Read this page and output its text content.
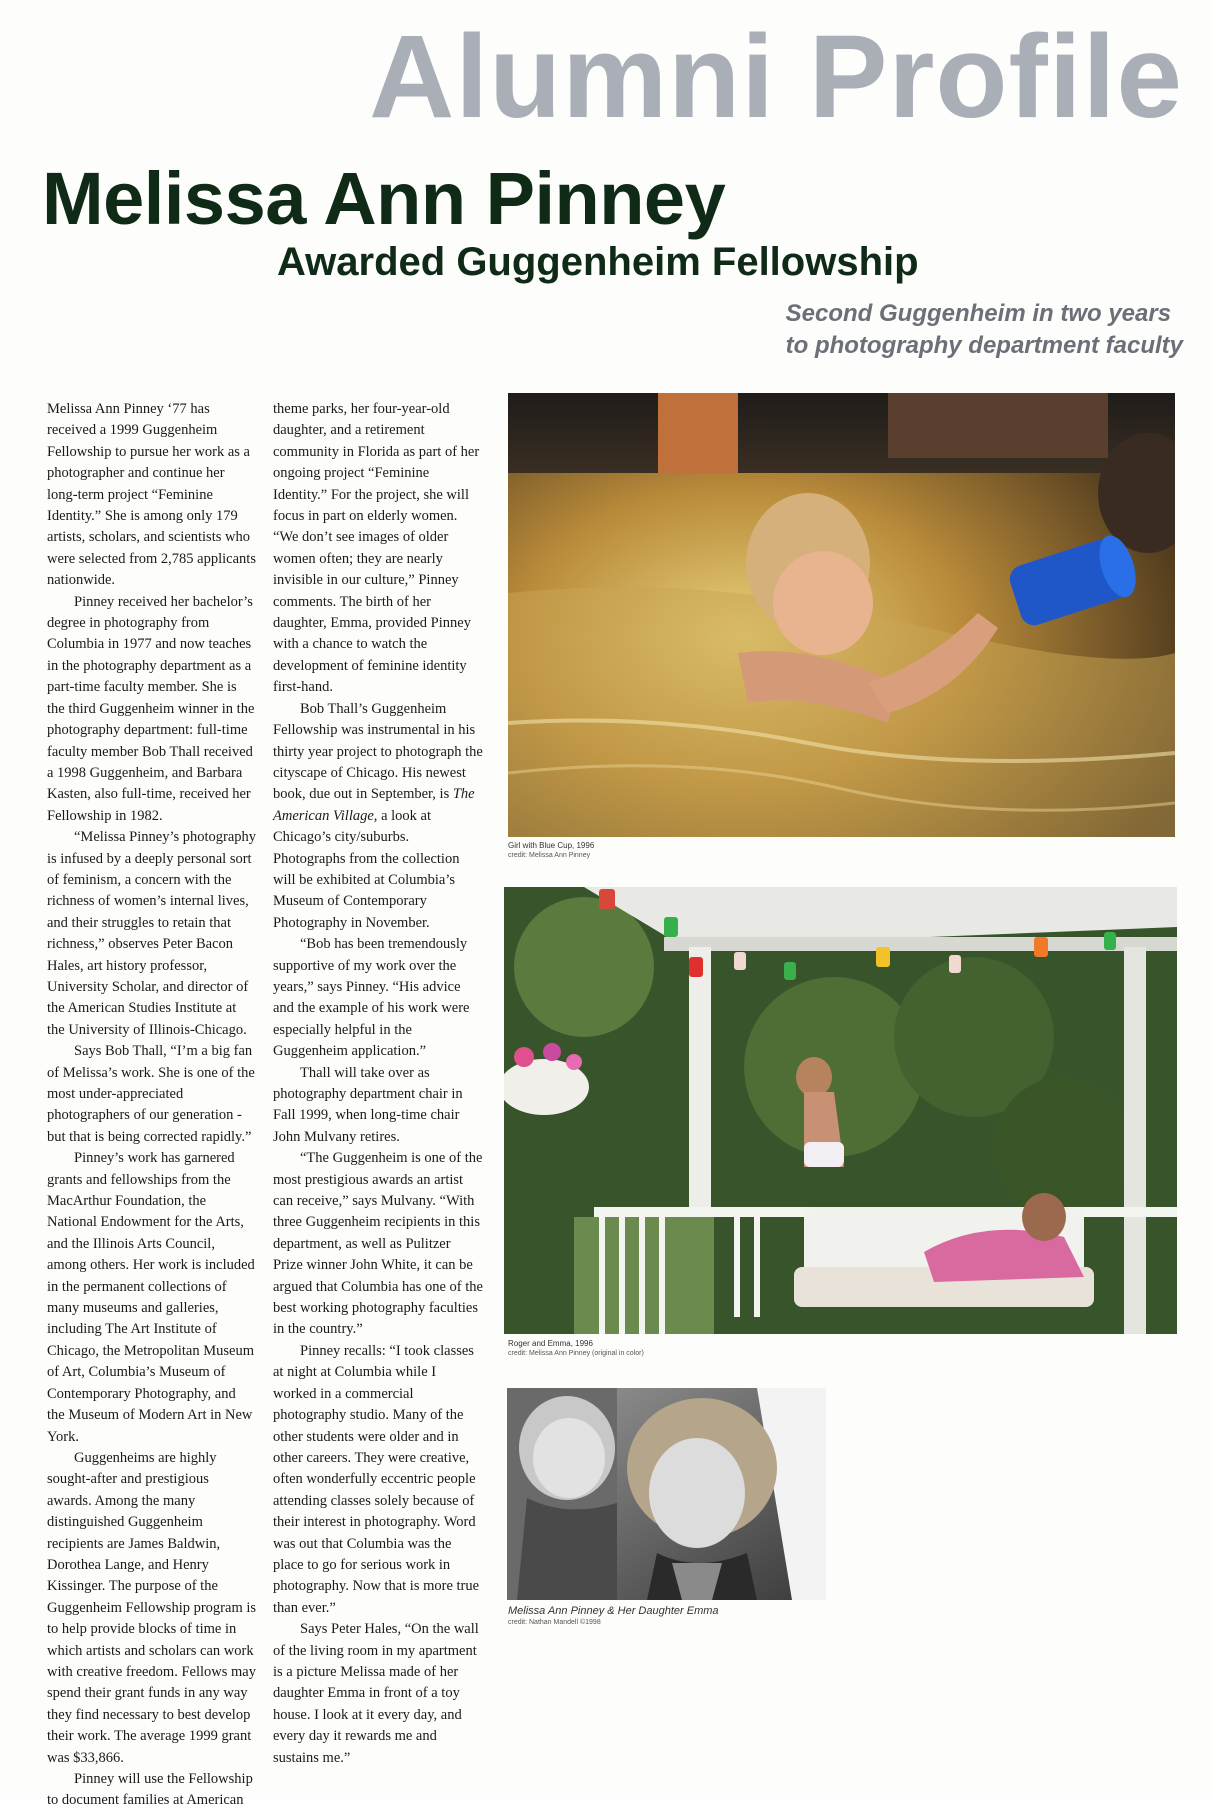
Alumni Profile
Melissa Ann Pinney
Awarded Guggenheim Fellowship
Second Guggenheim in two years
to photography department faculty

Melissa Ann Pinney ‘77 has received a 1999 Guggenheim Fellowship to pursue her work as a photographer and continue her long-term project “Feminine Identity.” She is among only 179 artists, scholars, and scientists who were selected from 2,785 applicants nationwide.

Pinney received her bachelor’s degree in photography from Columbia in 1977 and now teaches in the photography department as a part-time faculty member. She is the third Guggenheim winner in the photography department: full-time faculty member Bob Thall received a 1998 Guggenheim, and Barbara Kasten, also full-time, received her Fellowship in 1982.

“Melissa Pinney’s photography is infused by a deeply personal sort of feminism, a concern with the richness of women’s internal lives, and their struggles to retain that richness,” observes Peter Bacon Hales, art history professor, University Scholar, and director of the American Studies Institute at the University of Illinois-Chicago.

Says Bob Thall, “I’m a big fan of Melissa’s work. She is one of the most under-appreciated photographers of our generation - but that is being corrected rapidly.”

Pinney’s work has garnered grants and fellowships from the MacArthur Foundation, the National Endowment for the Arts, and the Illinois Arts Council, among others. Her work is included in the permanent collections of many museums and galleries, including The Art Institute of Chicago, the Metropolitan Museum of Art, Columbia’s Museum of Contemporary Photography, and the Museum of Modern Art in New York.

Guggenheims are highly sought-after and prestigious awards. Among the many distinguished Guggenheim recipients are James Baldwin, Dorothea Lange, and Henry Kissinger. The purpose of the Guggenheim Fellowship program is to help provide blocks of time in which artists and scholars can work with creative freedom. Fellows may spend their grant funds in any way they find necessary to best develop their work. The average 1999 grant was $33,866.

Pinney will use the Fellowship to document families at American

theme parks, her four-year-old daughter, and a retirement community in Florida as part of her ongoing project “Feminine Identity.” For the project, she will focus in part on elderly women. “We don’t see images of older women often; they are nearly invisible in our culture,” Pinney comments. The birth of her daughter, Emma, provided Pinney with a chance to watch the development of feminine identity first-hand.

Bob Thall’s Guggenheim Fellowship was instrumental in his thirty year project to photograph the cityscape of Chicago. His newest book, due out in September, is The American Village, a look at Chicago’s city/suburbs. Photographs from the collection will be exhibited at Columbia’s Museum of Contemporary Photography in November.

“Bob has been tremendously supportive of my work over the years,” says Pinney. “His advice and the example of his work were especially helpful in the Guggenheim application.”

Thall will take over as photography department chair in Fall 1999, when long-time chair John Mulvany retires.

“The Guggenheim is one of the most prestigious awards an artist can receive,” says Mulvany. “With three Guggenheim recipients in this department, as well as Pulitzer Prize winner John White, it can be argued that Columbia has one of the best working photography faculties in the country.”

Pinney recalls: “I took classes at night at Columbia while I worked in a commercial photography studio. Many of the other students were older and in other careers. They were creative, often wonderfully eccentric people attending classes solely because of their interest in photography. Word was out that Columbia was the place to go for serious work in photography. Now that is more true than ever.”

Says Peter Hales, “On the wall of the living room in my apartment is a picture Melissa made of her daughter Emma in front of a toy house. I look at it every day, and every day it rewards me and sustains me.”

Girl with Blue Cup, 1996
credit: Melissa Ann Pinney
Roger and Emma, 1996
credit: Melissa Ann Pinney (original in color)
Melissa Ann Pinney & Her Daughter Emma
credit: Nathan Mandell ©1998
